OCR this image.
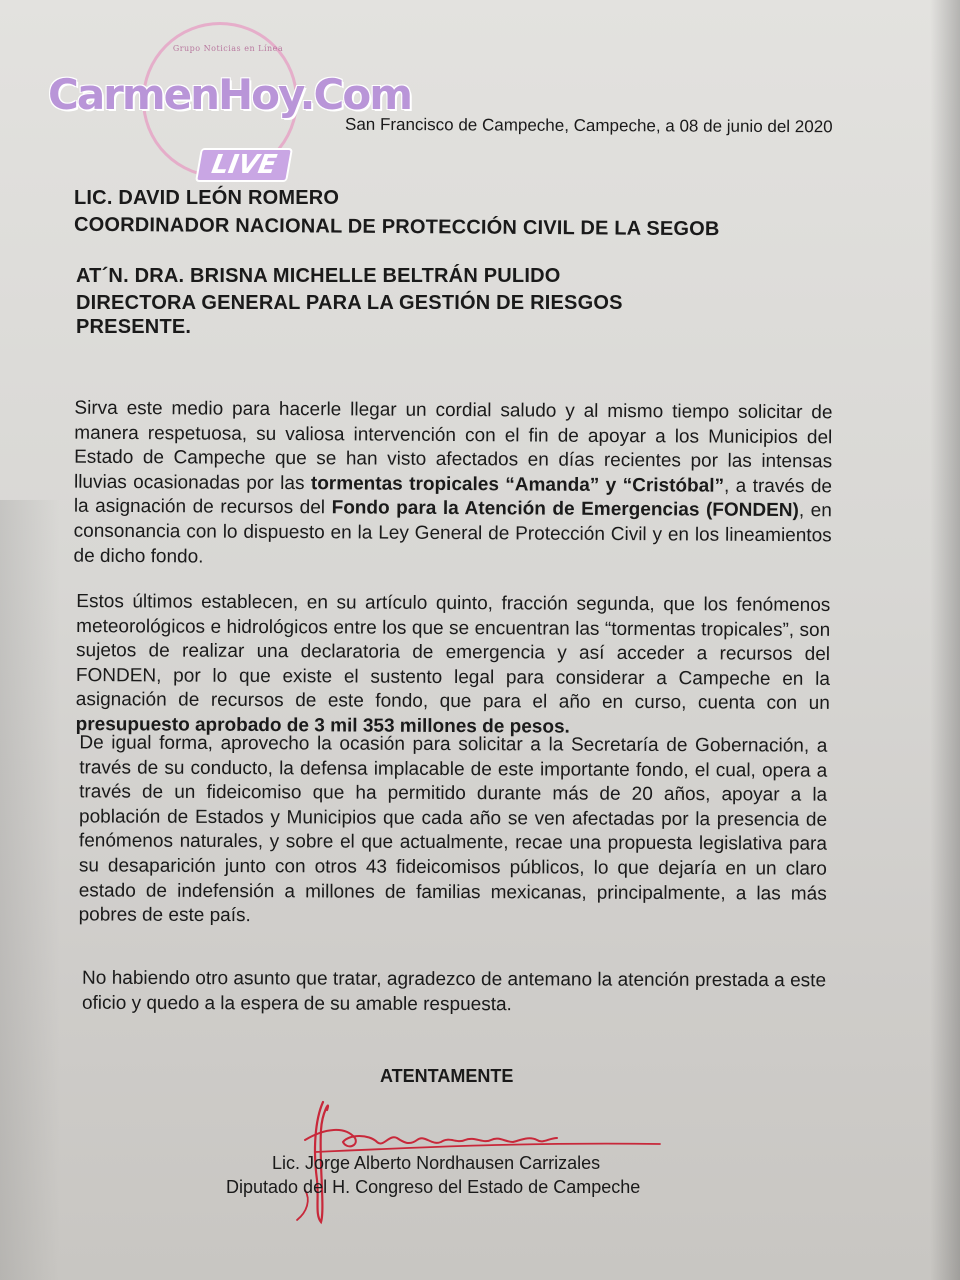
Grupo Noticias en Línea
CarmenHoy.Com
LIVE
San Francisco de Campeche, Campeche, a 08 de junio del 2020
LIC. DAVID LEÓN ROMERO
COORDINADOR NACIONAL DE PROTECCIÓN CIVIL DE LA SEGOB
AT´N. DRA. BRISNA MICHELLE BELTRÁN PULIDO
DIRECTORA GENERAL PARA LA GESTIÓN DE RIESGOS
PRESENTE.
Sirva este medio para hacerle llegar un cordial saludo y al mismo tiempo solicitar de manera respetuosa, su valiosa intervención con el fin de apoyar a los Municipios del Estado de Campeche que se han visto afectados en días recientes por las intensas lluvias ocasionadas por las tormentas tropicales “Amanda” y “Cristóbal”, a través de la asignación de recursos del Fondo para la Atención de Emergencias (FONDEN), en consonancia con lo dispuesto en la Ley General de Protección Civil y en los lineamientos de dicho fondo.
Estos últimos establecen, en su artículo quinto, fracción segunda, que los fenómenos meteorológicos e hidrológicos entre los que se encuentran las “tormentas tropicales”, son sujetos de realizar una declaratoria de emergencia y así acceder a recursos del FONDEN, por lo que existe el sustento legal para considerar a Campeche en la asignación de recursos de este fondo, que para el año en curso, cuenta con un presupuesto aprobado de 3 mil 353 millones de pesos.
De igual forma, aprovecho la ocasión para solicitar a la Secretaría de Gobernación, a través de su conducto, la defensa implacable de este importante fondo, el cual, opera a través de un fideicomiso que ha permitido durante más de 20 años, apoyar a la población de Estados y Municipios que cada año se ven afectadas por la presencia de fenómenos naturales, y sobre el que actualmente, recae una propuesta legislativa para su desaparición junto con otros 43 fideicomisos públicos, lo que dejaría en un claro estado de indefensión a millones de familias mexicanas, principalmente, a las más pobres de este país.
No habiendo otro asunto que tratar, agradezco de antemano la atención prestada a este oficio y quedo a la espera de su amable respuesta.
ATENTAMENTE
Lic. Jorge Alberto Nordhausen Carrizales
Diputado del H. Congreso del Estado de Campeche
